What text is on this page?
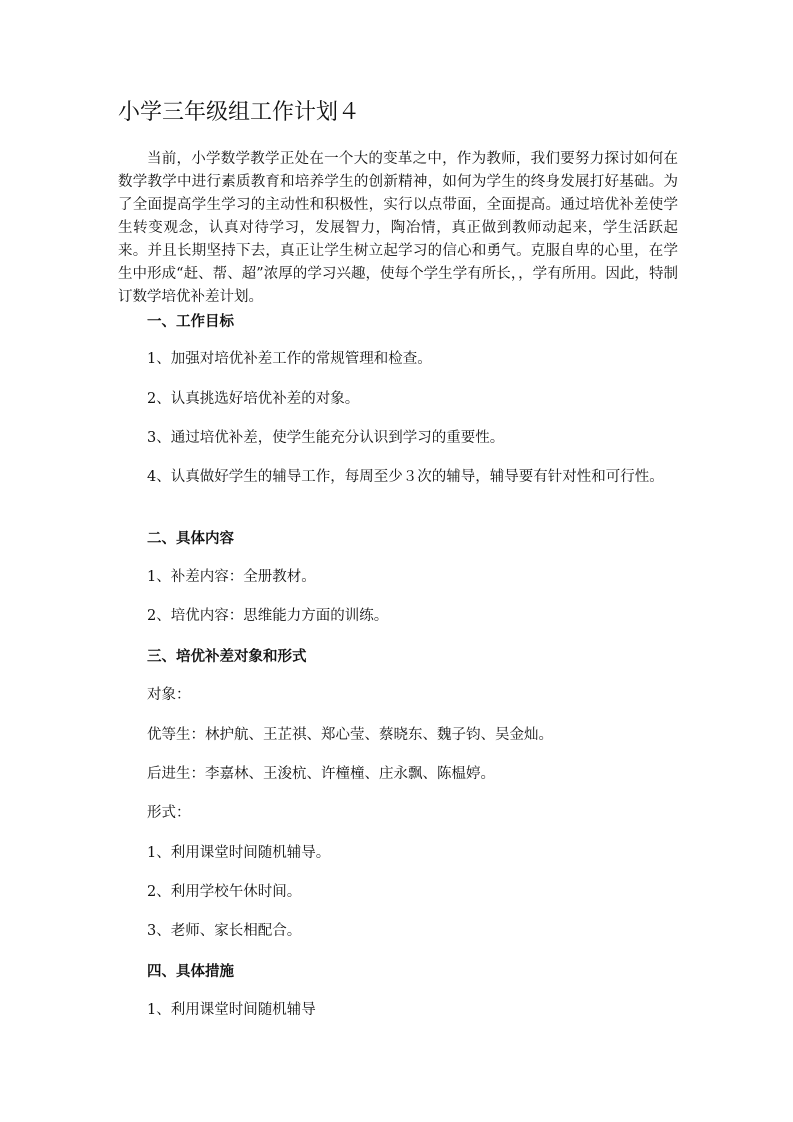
小学三年级组工作计划４

当前，小学数学教学正处在一个大的变革之中，作为教师，我们要努力探讨如何在数学教学中进行素质教育和培养学生的创新精神，如何为学生的终身发展打好基础。为了全面提高学生学习的主动性和积极性，实行以点带面，全面提高。通过培优补差使学生转变观念，认真对待学习，发展智力，陶冶情，真正做到教师动起来，学生活跃起来。并且长期坚持下去，真正让学生树立起学习的信心和勇气。克服自卑的心里，在学生中形成“赶、帮、超”浓厚的学习兴趣，使每个学生学有所长，，学有所用。因此，特制订数学培优补差计划。

一、工作目标

1、加强对培优补差工作的常规管理和检查。

2、认真挑选好培优补差的对象。

3、通过培优补差，使学生能充分认识到学习的重要性。

4、认真做好学生的辅导工作，每周至少３次的辅导，辅导要有针对性和可行性。

二、具体内容

1、补差内容：全册教材。

2、培优内容：思维能力方面的训练。

三、培优补差对象和形式

对象：

优等生：林护航、王芷祺、郑心莹、蔡晓东、魏子钧、吴金灿。

后进生：李嘉林、王浚杭、许橦橦、庄永飘、陈榅婷。

形式：

1、利用课堂时间随机辅导。

2、利用学校午休时间。

3、老师、家长相配合。

四、具体措施

1、利用课堂时间随机辅导
